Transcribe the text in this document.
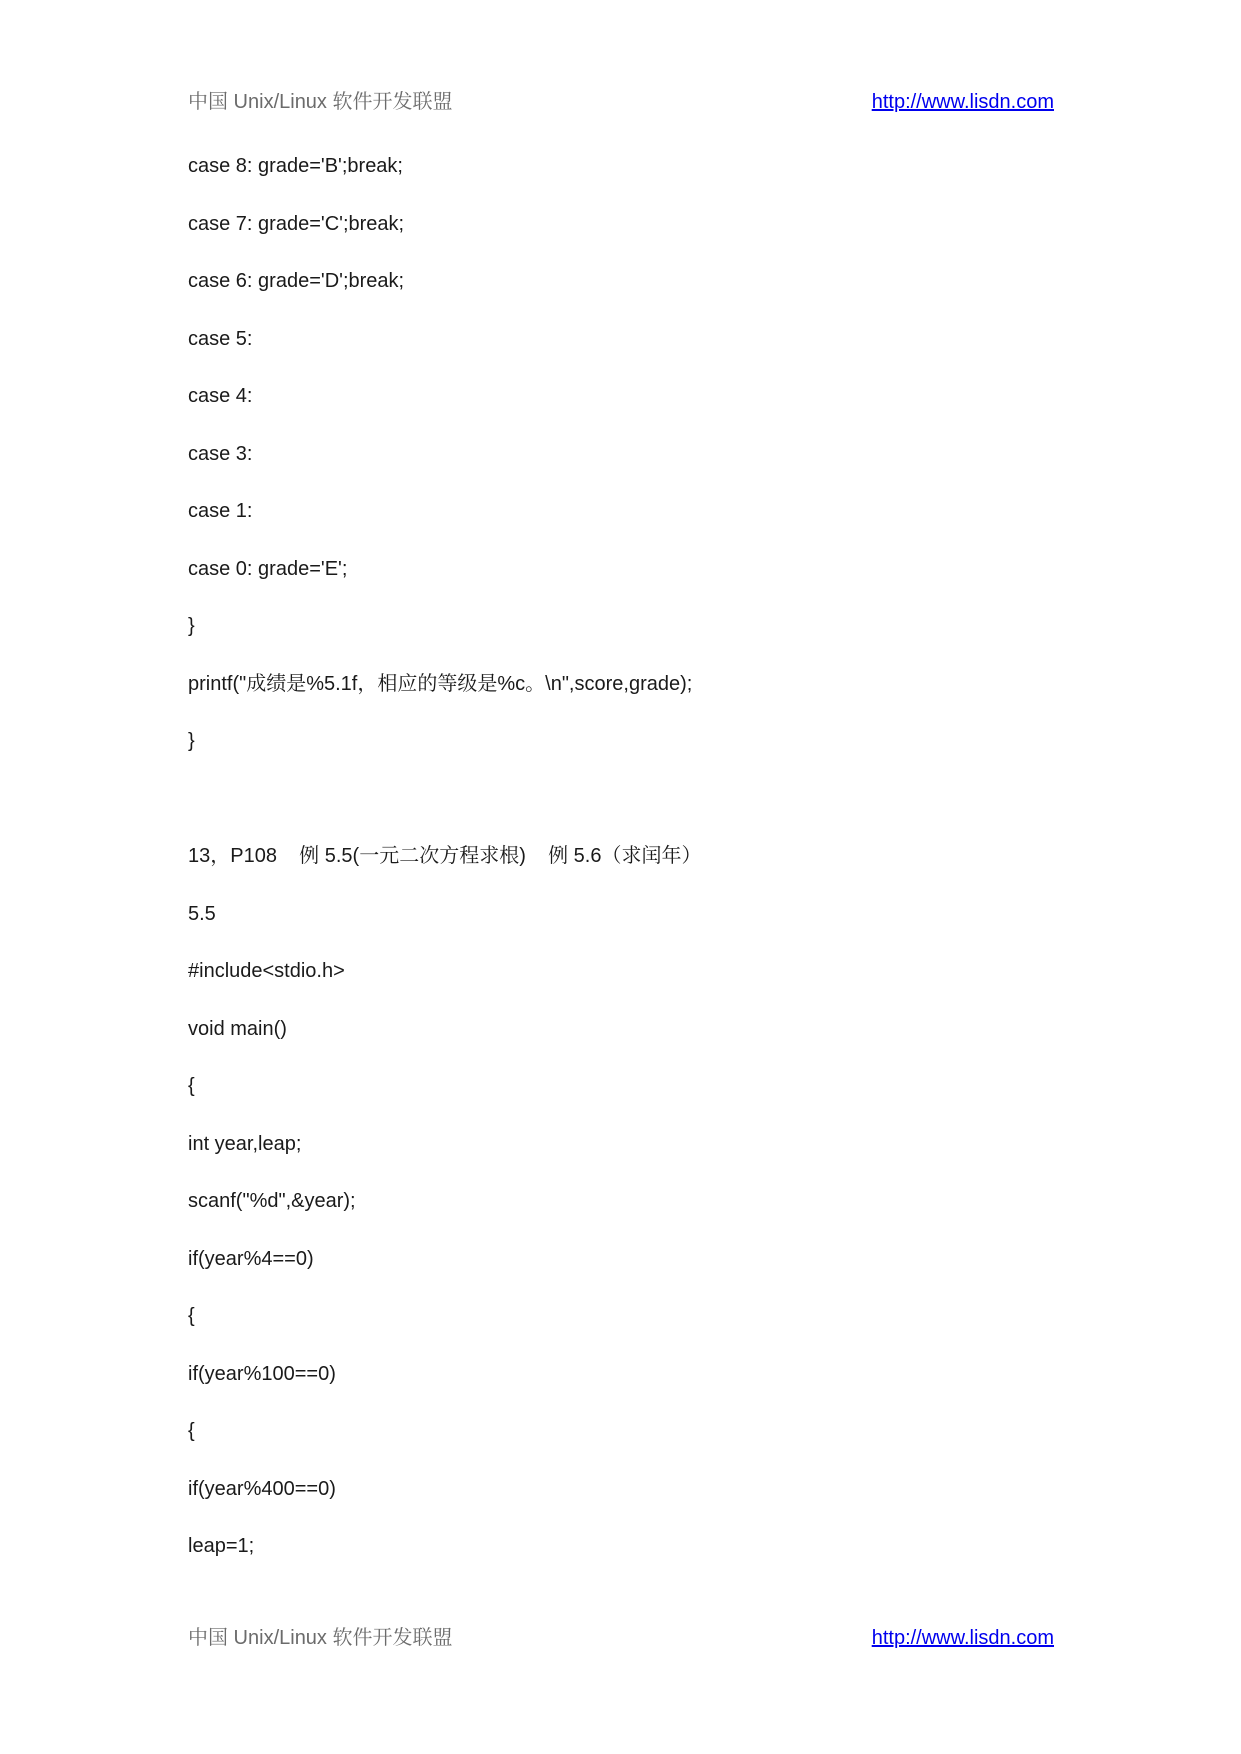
中国 Unix/Linux 软件开发联盟	http://www.lisdn.com
case 8: grade='B';break;
case 7: grade='C';break;
case 6: grade='D';break;
case 5:
case 4:
case 3:
case 1:
case 0: grade='E';
}
printf("成绩是%5.1f，相应的等级是%c。\n",score,grade);
}
13，P108    例 5.5(一元二次方程求根)    例 5.6（求闰年）
5.5
#include<stdio.h>
void main()
{
int year,leap;
scanf("%d",&year);
if(year%4==0)
{
if(year%100==0)
{
if(year%400==0)
leap=1;
中国 Unix/Linux 软件开发联盟	http://www.lisdn.com
